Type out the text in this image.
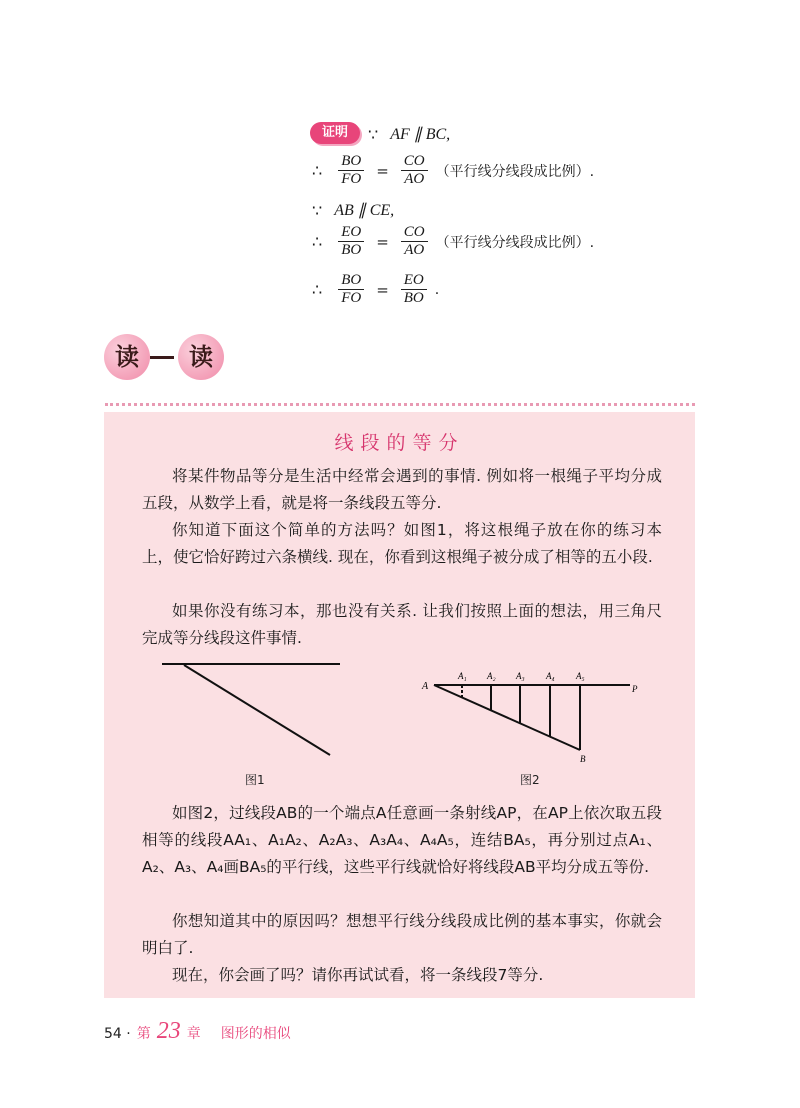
证明	∵ AF ∥ BC,
∴ $\frac{BO}{FO} = \frac{CO}{AO}$ （平行线分线段成比例）.
∵ AB ∥ CE,
∴ $\frac{EO}{BO} = \frac{CO}{AO}$ （平行线分线段成比例）.
∴ $\frac{BO}{FO} = \frac{EO}{BO}$ .
读	读
线段的等分
将某件物品等分是生活中经常会遇到的事情. 例如将一根绳子平均分成五段，从数学上看，就是将一条线段五等分.
你知道下面这个简单的方法吗？如图1，将这根绳子放在你的练习本上，使它恰好跨过六条横线. 现在，你看到这根绳子被分成了相等的五小段.
如果你没有练习本，那也没有关系. 让我们按照上面的想法，用三角尺完成等分线段这件事情.
图1
A
A₁ A₂ A₃ A₄ A₅
P
B
图2
如图2，过线段AB的一个端点A任意画一条射线AP，在AP上依次取五段相等的线段AA₁、A₁A₂、A₂A₃、A₃A₄、A₄A₅，连结BA₅，再分别过点A₁、A₂、A₃、A₄画BA₅的平行线，这些平行线就恰好将线段AB平均分成五等份.
你想知道其中的原因吗？想想平行线分线段成比例的基本事实，你就会明白了.
现在，你会画了吗？请你再试试看，将一条线段7等分.
54 · 第 23 章 图形的相似
